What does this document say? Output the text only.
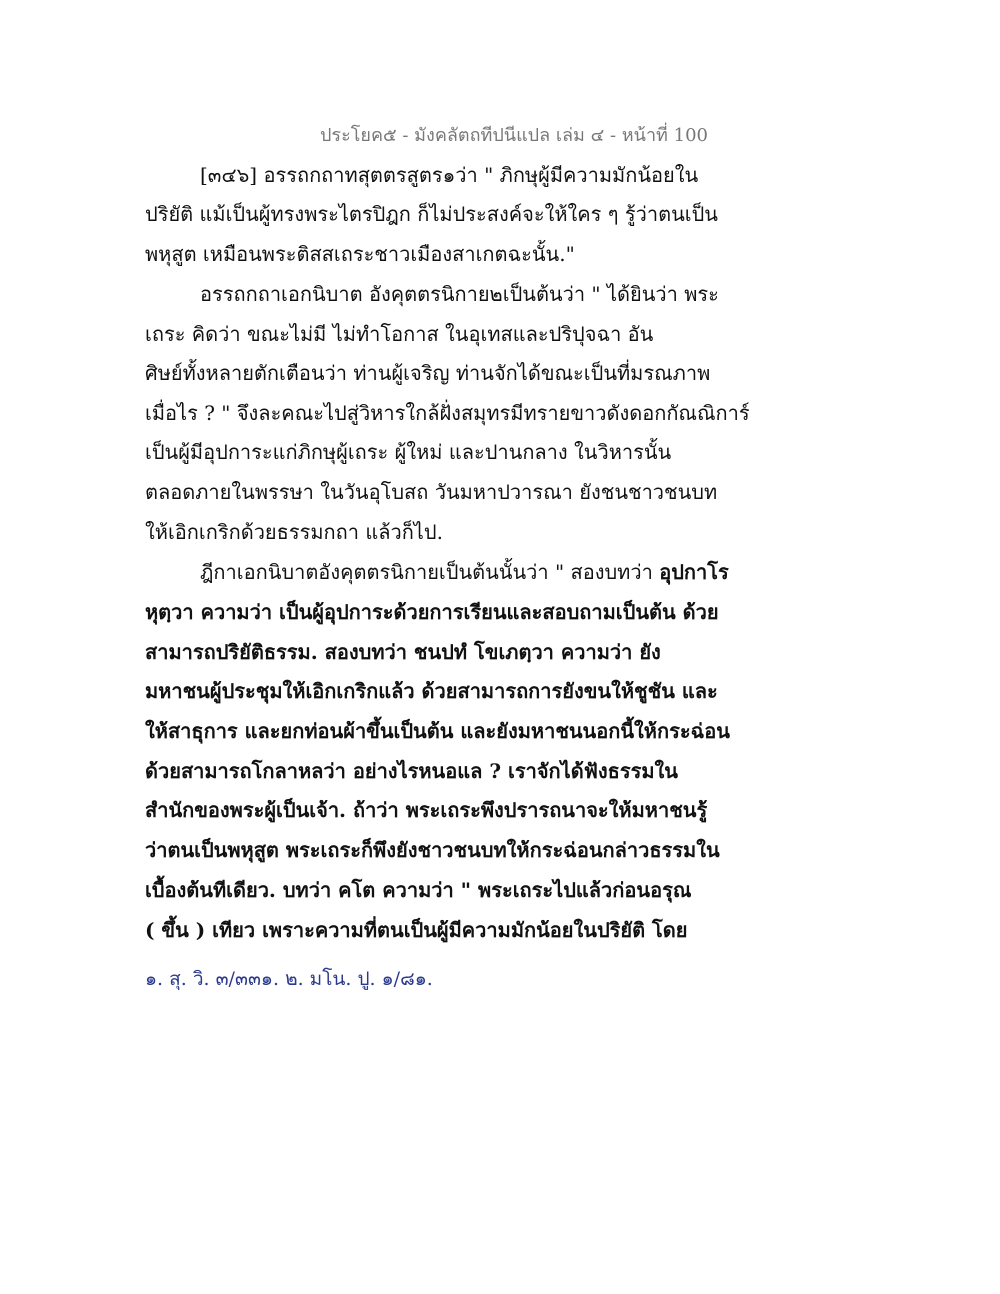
ประโยค๕ - มังคลัตถทีปนีแปล เล่ม ๔ - หน้าที่ 100
[๓๔๖] อรรถกถาทสุตตรสูตร๑ว่า " ภิกษุผู้มีความมักน้อยใน
ปริยัติ แม้เป็นผู้ทรงพระไตรปิฎก ก็ไม่ประสงค์จะให้ใคร ๆ รู้ว่าตนเป็น
พหุสูต เหมือนพระติสสเถระชาวเมืองสาเกตฉะนั้น."
อรรถกถาเอกนิบาต อังคุตตรนิกาย๒เป็นต้นว่า " ได้ยินว่า พระ
เถระ คิดว่า ขณะไม่มี ไม่ทำโอกาส ในอุเทสและปริปุจฉา อัน
ศิษย์ทั้งหลายตักเตือนว่า ท่านผู้เจริญ ท่านจักได้ขณะเป็นที่มรณภาพ
เมื่อไร ? " จึงละคณะไปสู่วิหารใกล้ฝั่งสมุทรมีทรายขาวดังดอกกัณณิการ์
เป็นผู้มีอุปการะแก่ภิกษุผู้เถระ ผู้ใหม่ และปานกลาง ในวิหารนั้น
ตลอดภายในพรรษา ในวันอุโบสถ วันมหาปวารณา ยังชนชาวชนบท
ให้เอิกเกริกด้วยธรรมกถา แล้วก็ไป.
ฎีกาเอกนิบาตอังคุตตรนิกายเป็นต้นนั้นว่า " สองบทว่า อุปกาโร
หุตฺวา ความว่า เป็นผู้อุปการะด้วยการเรียนและสอบถามเป็นต้น ด้วย
สามารถปริยัติธรรม. สองบทว่า ชนปทํ โขเภตฺวา ความว่า ยัง
มหาชนผู้ประชุมให้เอิกเกริกแล้ว ด้วยสามารถการยังขนให้ชูชัน และ
ให้สาธุการ และยกท่อนผ้าขึ้นเป็นต้น และยังมหาชนนอกนี้ให้กระฉ่อน
ด้วยสามารถโกลาหลว่า อย่างไรหนอแล ? เราจักได้ฟังธรรมใน
สำนักของพระผู้เป็นเจ้า. ถ้าว่า พระเถระพึงปรารถนาจะให้มหาชนรู้
ว่าตนเป็นพหุสูต พระเถระก็พึงยังชาวชนบทให้กระฉ่อนกล่าวธรรมใน
เบื้องต้นทีเดียว. บทว่า คโต ความว่า " พระเถระไปแล้วก่อนอรุณ
( ขึ้น ) เทียว เพราะความที่ตนเป็นผู้มีความมักน้อยในปริยัติ โดย
๑. สุ. วิ. ๓/๓๓๑. ๒. มโน. ปู. ๑/๘๑.
